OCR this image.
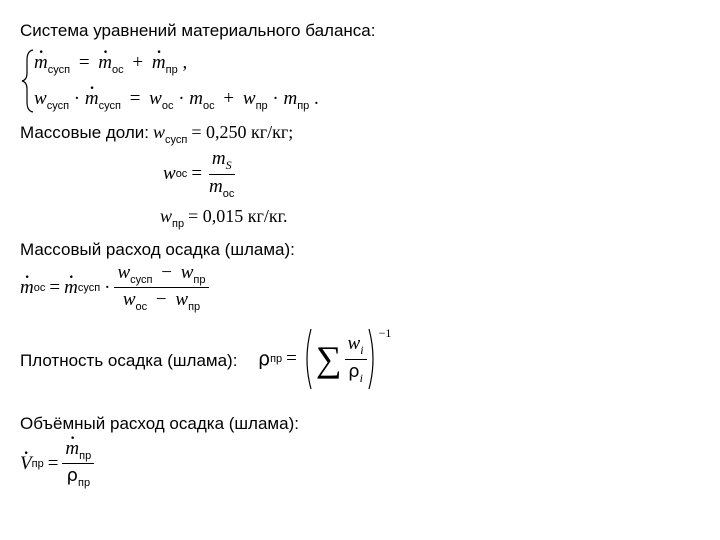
Система уравнений материального баланса:
· $m_{сусп}$ = · $m_{ос}$ + · $m_{пр}$ ,
$w_{сусп}$ · · $m_{сусп} = w_{ос} \cdot m_{ос} + w_{пр} \cdot m_{пр}$ .
Массовые доли: $w_{сусп} = 0,250$ кг/кг;
w ос = $\frac{m_S}{m_{ос}}$
$w_{пр} = 0,015$ кг/кг.
Массовый расход осадка (шлама):
· m ос = · m сусп · $\frac{w_{сусп} - w_{пр}}{w_{ос} - w_{пр}}$
Плотность осадка (шлама): ρ пр = ∑ $\frac{w_i}{\rho_i} -1$
Объёмный расход осадка (шлама):
· V пр = · $\frac{m_{пр}}{\rho_{пр}}$
